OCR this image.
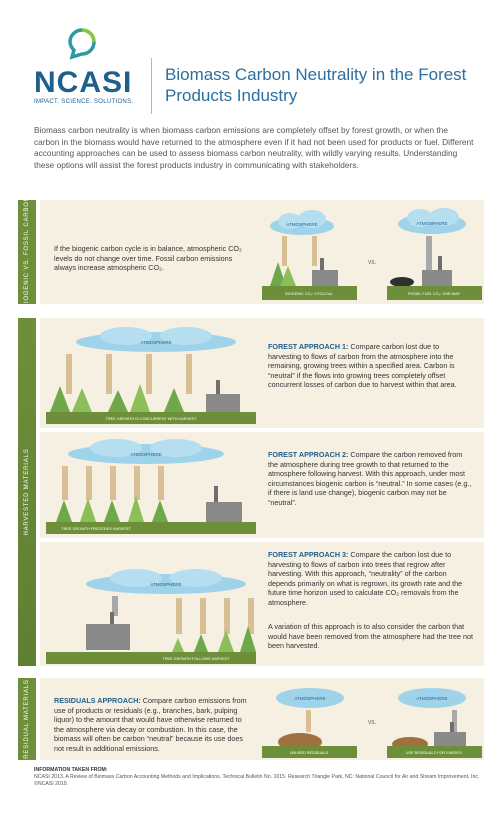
NCASI
IMPACT. SCIENCE. SOLUTIONS.
Biomass Carbon Neutrality in the Forest Products Industry
Biomass carbon neutrality is when biomass carbon emissions are completely offset by forest growth, or when the carbon in the biomass would have returned to the atmosphere even if it had not been used for products or fuel. Different accounting approaches can be used to assess biomass carbon neutrality, with wildly varying results. Understanding these options will assist the forest products industry in communicating with stakeholders.
BIOGENIC VS. FOSSIL CARBON	If the biogenic carbon cycle is in balance, atmospheric CO₂ levels do not change over time. Fossil carbon emissions always increase atmospheric CO₂.
ATMOSPHERE	ATMOSPHERE
VS.
BIOGENIC CO₂: CYCLICAL	FOSSIL FUEL CO₂: ONE-WAY
HARVESTED MATERIALS
ATMOSPHERE
TREE GROWTH IS CONCURRENT WITH HARVEST
FOREST APPROACH 1: Compare carbon lost due to harvesting to flows of carbon from the atmosphere into the remaining, growing trees within a specified area. Carbon is “neutral” if the flows into growing trees completely offset concurrent losses of carbon due to harvest within that area.
ATMOSPHERE
TREE GROWTH PRECEDES HARVEST
FOREST APPROACH 2: Compare the carbon removed from the atmosphere during tree growth to that returned to the atmosphere following harvest. With this approach, under most circumstances biogenic carbon is “neutral.” In some cases (e.g., if there is land use change), biogenic carbon may not be “neutral”.
ATMOSPHERE
TREE GROWTH FOLLOWS HARVEST
FOREST APPROACH 3: Compare the carbon lost due to harvesting to flows of carbon into trees that regrow after harvesting. With this approach, “neutrality” of the carbon depends primarily on what is regrown, its growth rate and the future time horizon used to calculate CO₂ removals from the atmosphere.
A variation of this approach is to also consider the carbon that would have been removed from the atmosphere had the tree not been harvested.
RESIDUAL MATERIALS	RESIDUALS APPROACH: Compare carbon emissions from use of products or residuals (e.g., branches, bark, pulping liquor) to the amount that would have otherwise returned to the atmosphere via decay or combustion. In this case, the biomass will often be carbon “neutral” because its use does not result in additional emissions.
ATMOSPHERE	ATMOSPHERE
VS.
UNUSED RESIDUALS	USE RESIDUALS FOR ENERGY
INFORMATION TAKEN FROM:
NCASI 2013. A Review of Biomass Carbon Accounting Methods and Implications. Technical Bulletin No. 1015. Research Triangle Park, NC: National Council for Air and Stream Improvement, Inc.
©NCASI 2019.
